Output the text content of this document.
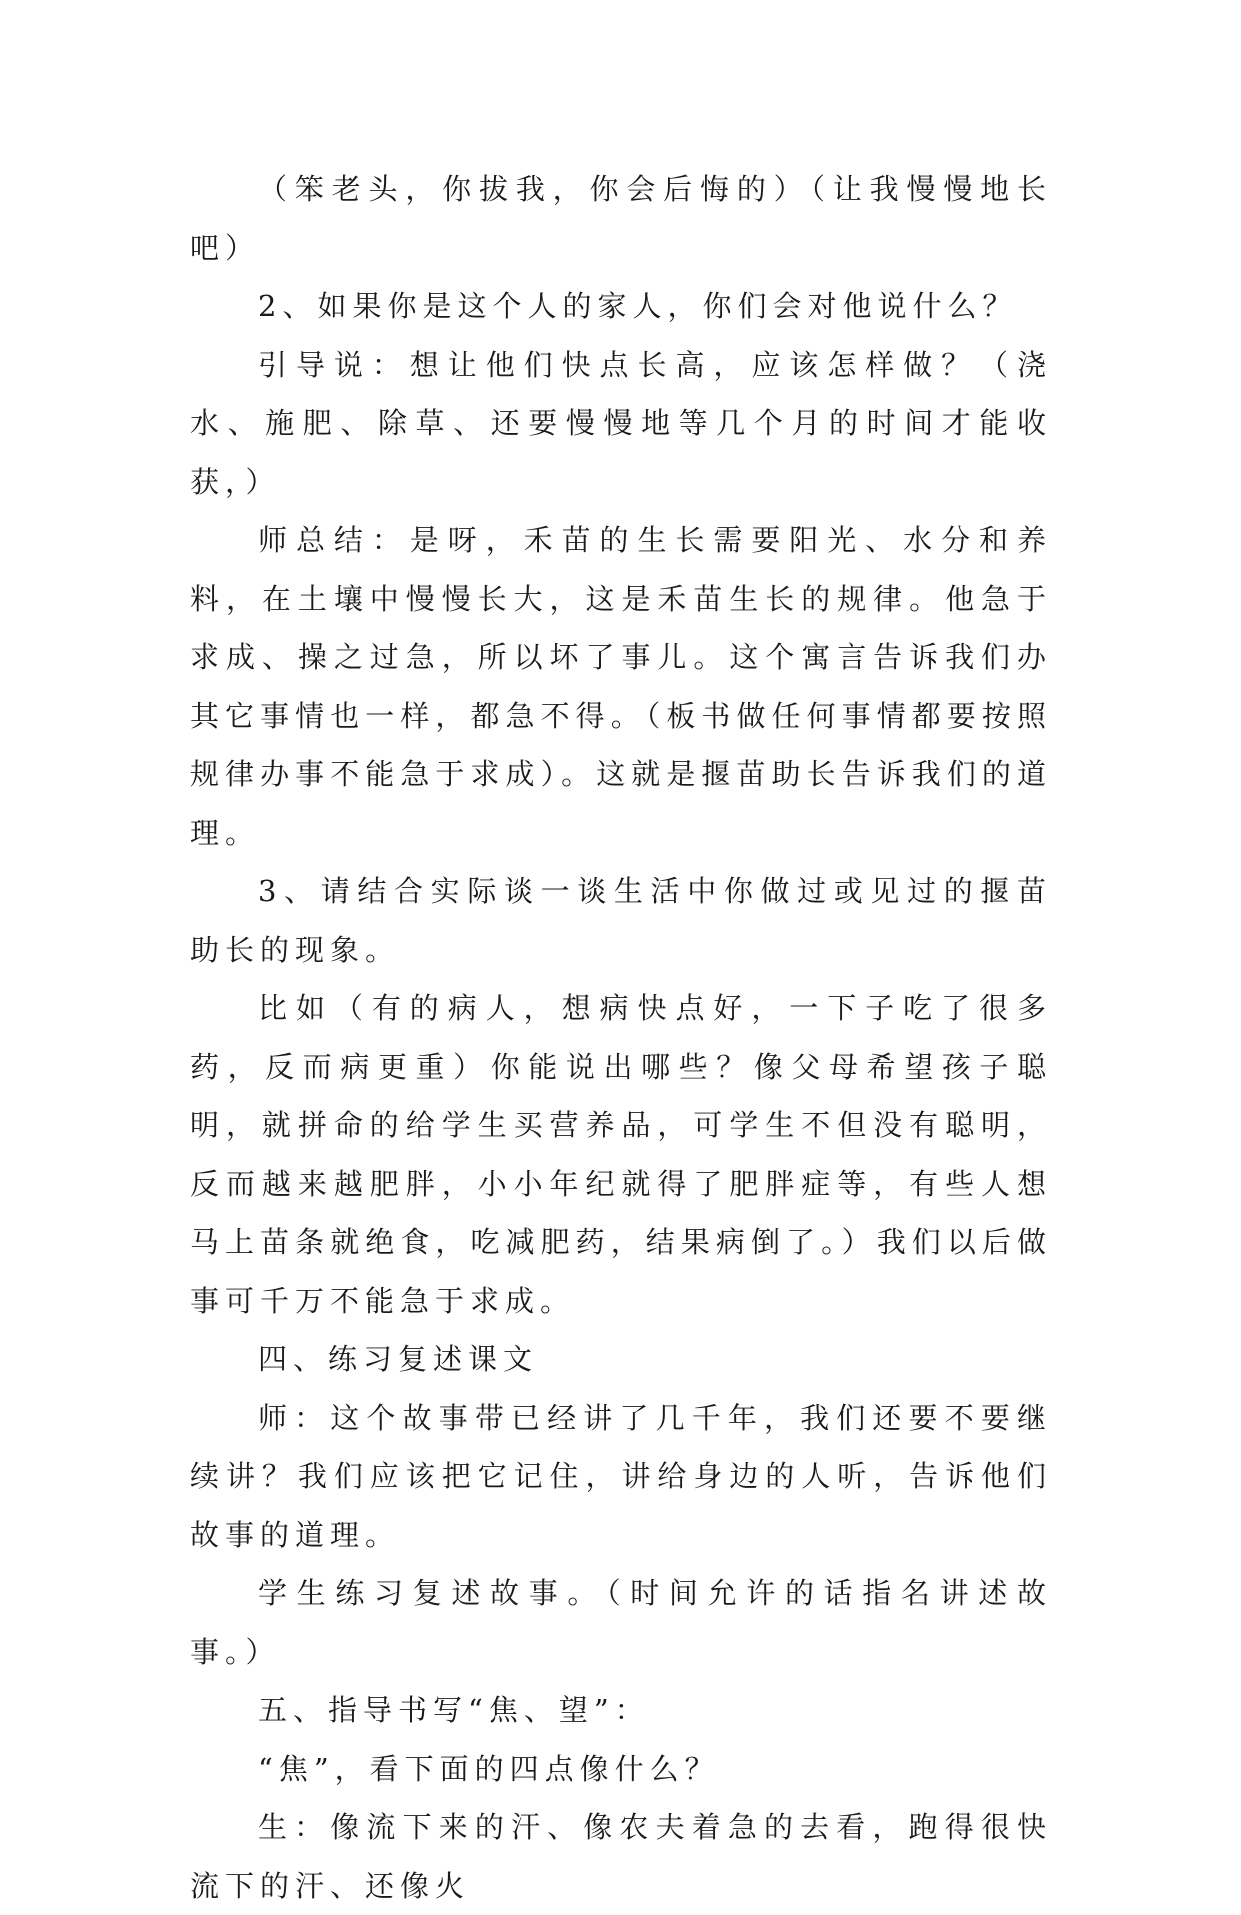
（笨老头，你拔我，你会后悔的）（让我慢慢地长吧）

2、如果你是这个人的家人，你们会对他说什么？

引导说：想让他们快点长高，应该怎样做？（浇水、施肥、除草、还要慢慢地等几个月的时间才能收获，）

师总结：是呀，禾苗的生长需要阳光、水分和养料，在土壤中慢慢长大，这是禾苗生长的规律。他急于求成、操之过急，所以坏了事儿。这个寓言告诉我们办其它事情也一样，都急不得。（板书做任何事情都要按照规律办事不能急于求成）。这就是揠苗助长告诉我们的道理。

3、请结合实际谈一谈生活中你做过或见过的揠苗助长的现象。

比如（有的病人，想病快点好，一下子吃了很多药，反而病更重）你能说出哪些？像父母希望孩子聪明，就拼命的给学生买营养品，可学生不但没有聪明，反而越来越肥胖，小小年纪就得了肥胖症等，有些人想马上苗条就绝食，吃减肥药，结果病倒了。）我们以后做事可千万不能急于求成。

四、练习复述课文

师：这个故事带已经讲了几千年，我们还要不要继续讲？我们应该把它记住，讲给身边的人听，告诉他们故事的道理。

学生练习复述故事。（时间允许的话指名讲述故事。）

五、指导书写“焦、望”：

“焦”，看下面的四点像什么？

生：像流下来的汗、像农夫着急的去看，跑得很快流下的汗、还像火
